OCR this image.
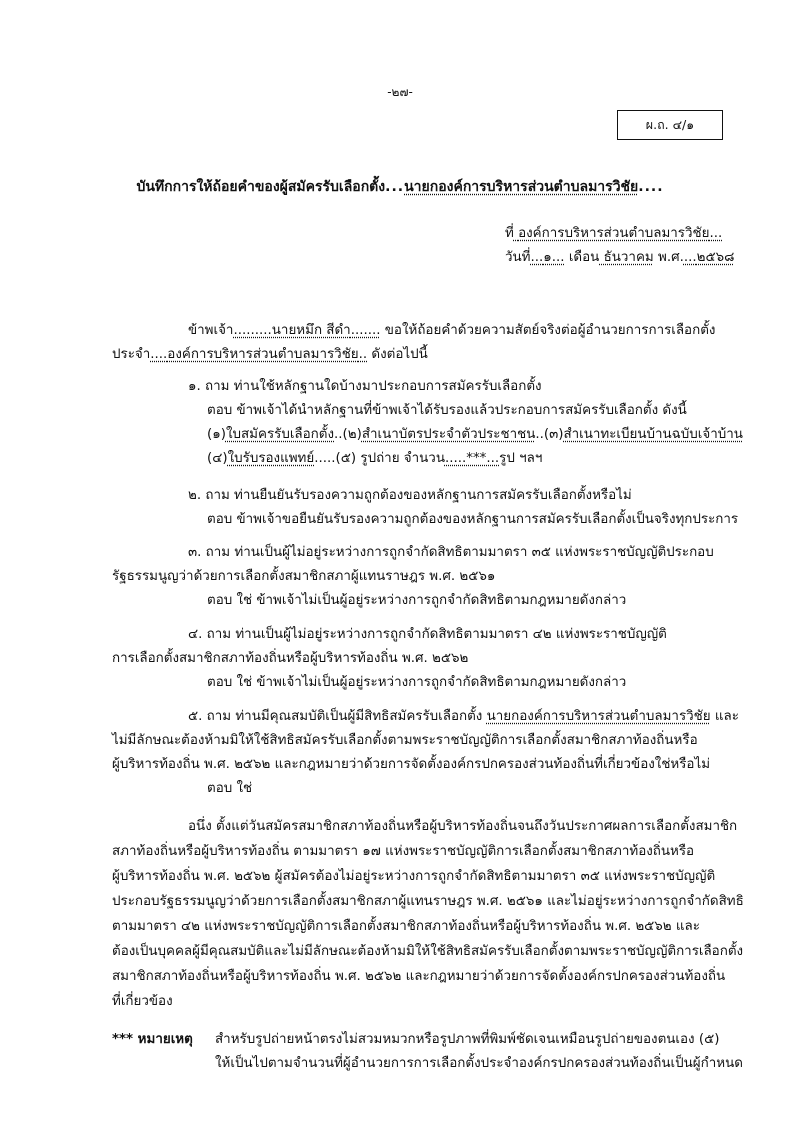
-๒๗-
ผ.ถ. ๔/๑
บันทึกการให้ถ้อยคำของผู้สมัครรับเลือกตั้ง...นายกองค์การบริหารส่วนตำบลมารวิชัย....
ที่ องค์การบริหารส่วนตำบลมารวิชัย...
วันที่...๑... เดือน ธันวาคม พ.ศ....๒๕๖๘
ข้าพเจ้า.........นายหมึก สีดำ....... ขอให้ถ้อยคำด้วยความสัตย์จริงต่อผู้อำนวยการการเลือกตั้ง
ประจำ....องค์การบริหารส่วนตำบลมารวิชัย.. ดังต่อไปนี้
๑. ถาม ท่านใช้หลักฐานใดบ้างมาประกอบการสมัครรับเลือกตั้ง
ตอบ ข้าพเจ้าได้นำหลักฐานที่ข้าพเจ้าได้รับรองแล้วประกอบการสมัครรับเลือกตั้ง ดังนี้
(๑)ใบสมัครรับเลือกตั้ง..(๒)สำเนาบัตรประจำตัวประชาชน..(๓)สำเนาทะเบียนบ้านฉบับเจ้าบ้าน
(๔)ใบรับรองแพทย์.....(๕) รูปถ่าย จำนวน.....***...รูป ฯลฯ
๒. ถาม ท่านยืนยันรับรองความถูกต้องของหลักฐานการสมัครรับเลือกตั้งหรือไม่
ตอบ ข้าพเจ้าขอยืนยันรับรองความถูกต้องของหลักฐานการสมัครรับเลือกตั้งเป็นจริงทุกประการ
๓. ถาม ท่านเป็นผู้ไม่อยู่ระหว่างการถูกจำกัดสิทธิตามมาตรา ๓๕ แห่งพระราชบัญญัติประกอบ
รัฐธรรมนูญว่าด้วยการเลือกตั้งสมาชิกสภาผู้แทนราษฎร พ.ศ. ๒๕๖๑
ตอบ ใช่ ข้าพเจ้าไม่เป็นผู้อยู่ระหว่างการถูกจำกัดสิทธิตามกฎหมายดังกล่าว
๔. ถาม ท่านเป็นผู้ไม่อยู่ระหว่างการถูกจำกัดสิทธิตามมาตรา ๔๒ แห่งพระราชบัญญัติ
การเลือกตั้งสมาชิกสภาท้องถิ่นหรือผู้บริหารท้องถิ่น พ.ศ. ๒๕๖๒
ตอบ ใช่ ข้าพเจ้าไม่เป็นผู้อยู่ระหว่างการถูกจำกัดสิทธิตามกฎหมายดังกล่าว
๕. ถาม ท่านมีคุณสมบัติเป็นผู้มีสิทธิสมัครรับเลือกตั้ง นายกองค์การบริหารส่วนตำบลมารวิชัย และ
ไม่มีลักษณะต้องห้ามมิให้ใช้สิทธิสมัครรับเลือกตั้งตามพระราชบัญญัติการเลือกตั้งสมาชิกสภาท้องถิ่นหรือ
ผู้บริหารท้องถิ่น พ.ศ. ๒๕๖๒ และกฎหมายว่าด้วยการจัดตั้งองค์กรปกครองส่วนท้องถิ่นที่เกี่ยวข้องใช่หรือไม่
ตอบ ใช่
อนึ่ง ตั้งแต่วันสมัครสมาชิกสภาท้องถิ่นหรือผู้บริหารท้องถิ่นจนถึงวันประกาศผลการเลือกตั้งสมาชิก
สภาท้องถิ่นหรือผู้บริหารท้องถิ่น ตามมาตรา ๑๗ แห่งพระราชบัญญัติการเลือกตั้งสมาชิกสภาท้องถิ่นหรือ
ผู้บริหารท้องถิ่น พ.ศ. ๒๕๖๒ ผู้สมัครต้องไม่อยู่ระหว่างการถูกจำกัดสิทธิตามมาตรา ๓๕ แห่งพระราชบัญญัติ
ประกอบรัฐธรรมนูญว่าด้วยการเลือกตั้งสมาชิกสภาผู้แทนราษฎร พ.ศ. ๒๕๖๑ และไม่อยู่ระหว่างการถูกจำกัดสิทธิ
ตามมาตรา ๔๒ แห่งพระราชบัญญัติการเลือกตั้งสมาชิกสภาท้องถิ่นหรือผู้บริหารท้องถิ่น พ.ศ. ๒๕๖๒ และ
ต้องเป็นบุคคลผู้มีคุณสมบัติและไม่มีลักษณะต้องห้ามมิให้ใช้สิทธิสมัครรับเลือกตั้งตามพระราชบัญญัติการเลือกตั้ง
สมาชิกสภาท้องถิ่นหรือผู้บริหารท้องถิ่น พ.ศ. ๒๕๖๒ และกฎหมายว่าด้วยการจัดตั้งองค์กรปกครองส่วนท้องถิ่น
ที่เกี่ยวข้อง
*** หมายเหตุ สำหรับรูปถ่ายหน้าตรงไม่สวมหมวกหรือรูปภาพที่พิมพ์ชัดเจนเหมือนรูปถ่ายของตนเอง (๕)
ให้เป็นไปตามจำนวนที่ผู้อำนวยการการเลือกตั้งประจำองค์กรปกครองส่วนท้องถิ่นเป็นผู้กำหนด
